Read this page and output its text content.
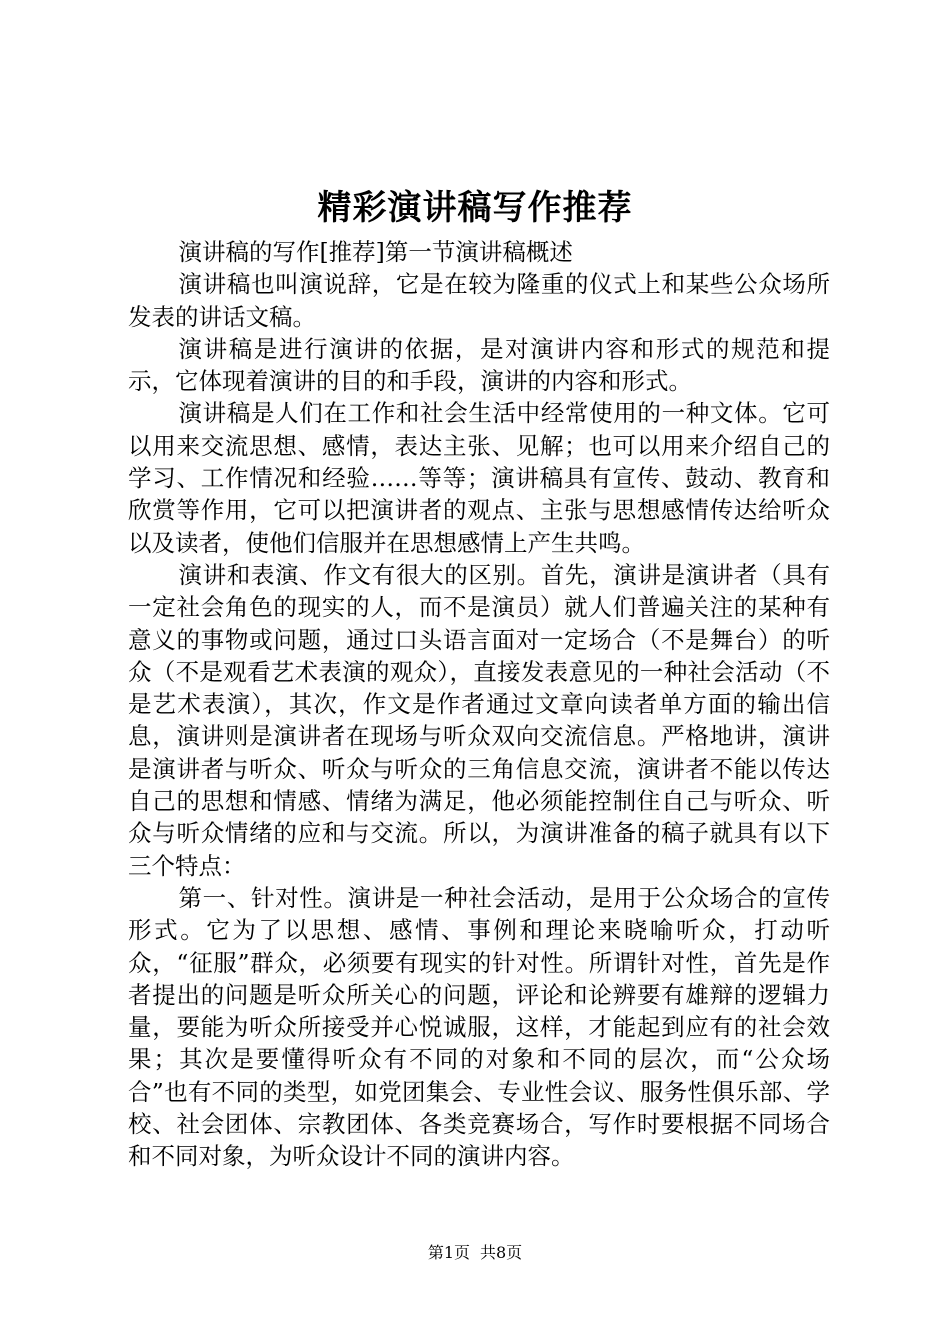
精彩演讲稿写作推荐

演讲稿的写作[推荐]第一节演讲稿概述

演讲稿也叫演说辞，它是在较为隆重的仪式上和某些公众场所发表的讲话文稿。

演讲稿是进行演讲的依据，是对演讲内容和形式的规范和提示，它体现着演讲的目的和手段，演讲的内容和形式。

演讲稿是人们在工作和社会生活中经常使用的一种文体。它可以用来交流思想、感情，表达主张、见解；也可以用来介绍自己的学习、工作情况和经验……等等；演讲稿具有宣传、鼓动、教育和欣赏等作用，它可以把演讲者的观点、主张与思想感情传达给听众以及读者，使他们信服并在思想感情上产生共鸣。

演讲和表演、作文有很大的区别。首先，演讲是演讲者（具有一定社会角色的现实的人，而不是演员）就人们普遍关注的某种有意义的事物或问题，通过口头语言面对一定场合（不是舞台）的听众（不是观看艺术表演的观众），直接发表意见的一种社会活动（不是艺术表演），其次，作文是作者通过文章向读者单方面的输出信息，演讲则是演讲者在现场与听众双向交流信息。严格地讲，演讲是演讲者与听众、听众与听众的三角信息交流，演讲者不能以传达自己的思想和情感、情绪为满足，他必须能控制住自己与听众、听众与听众情绪的应和与交流。所以，为演讲准备的稿子就具有以下三个特点：

第一、针对性。演讲是一种社会活动，是用于公众场合的宣传形式。它为了以思想、感情、事例和理论来晓喻听众，打动听众，“征服”群众，必须要有现实的针对性。所谓针对性，首先是作者提出的问题是听众所关心的问题，评论和论辨要有雄辩的逻辑力量，要能为听众所接受并心悦诚服，这样，才能起到应有的社会效果；其次是要懂得听众有不同的对象和不同的层次，而“公众场合”也有不同的类型，如党团集会、专业性会议、服务性俱乐部、学校、社会团体、宗教团体、各类竞赛场合，写作时要根据不同场合和不同对象，为听众设计不同的演讲内容。

第1页 共8页
